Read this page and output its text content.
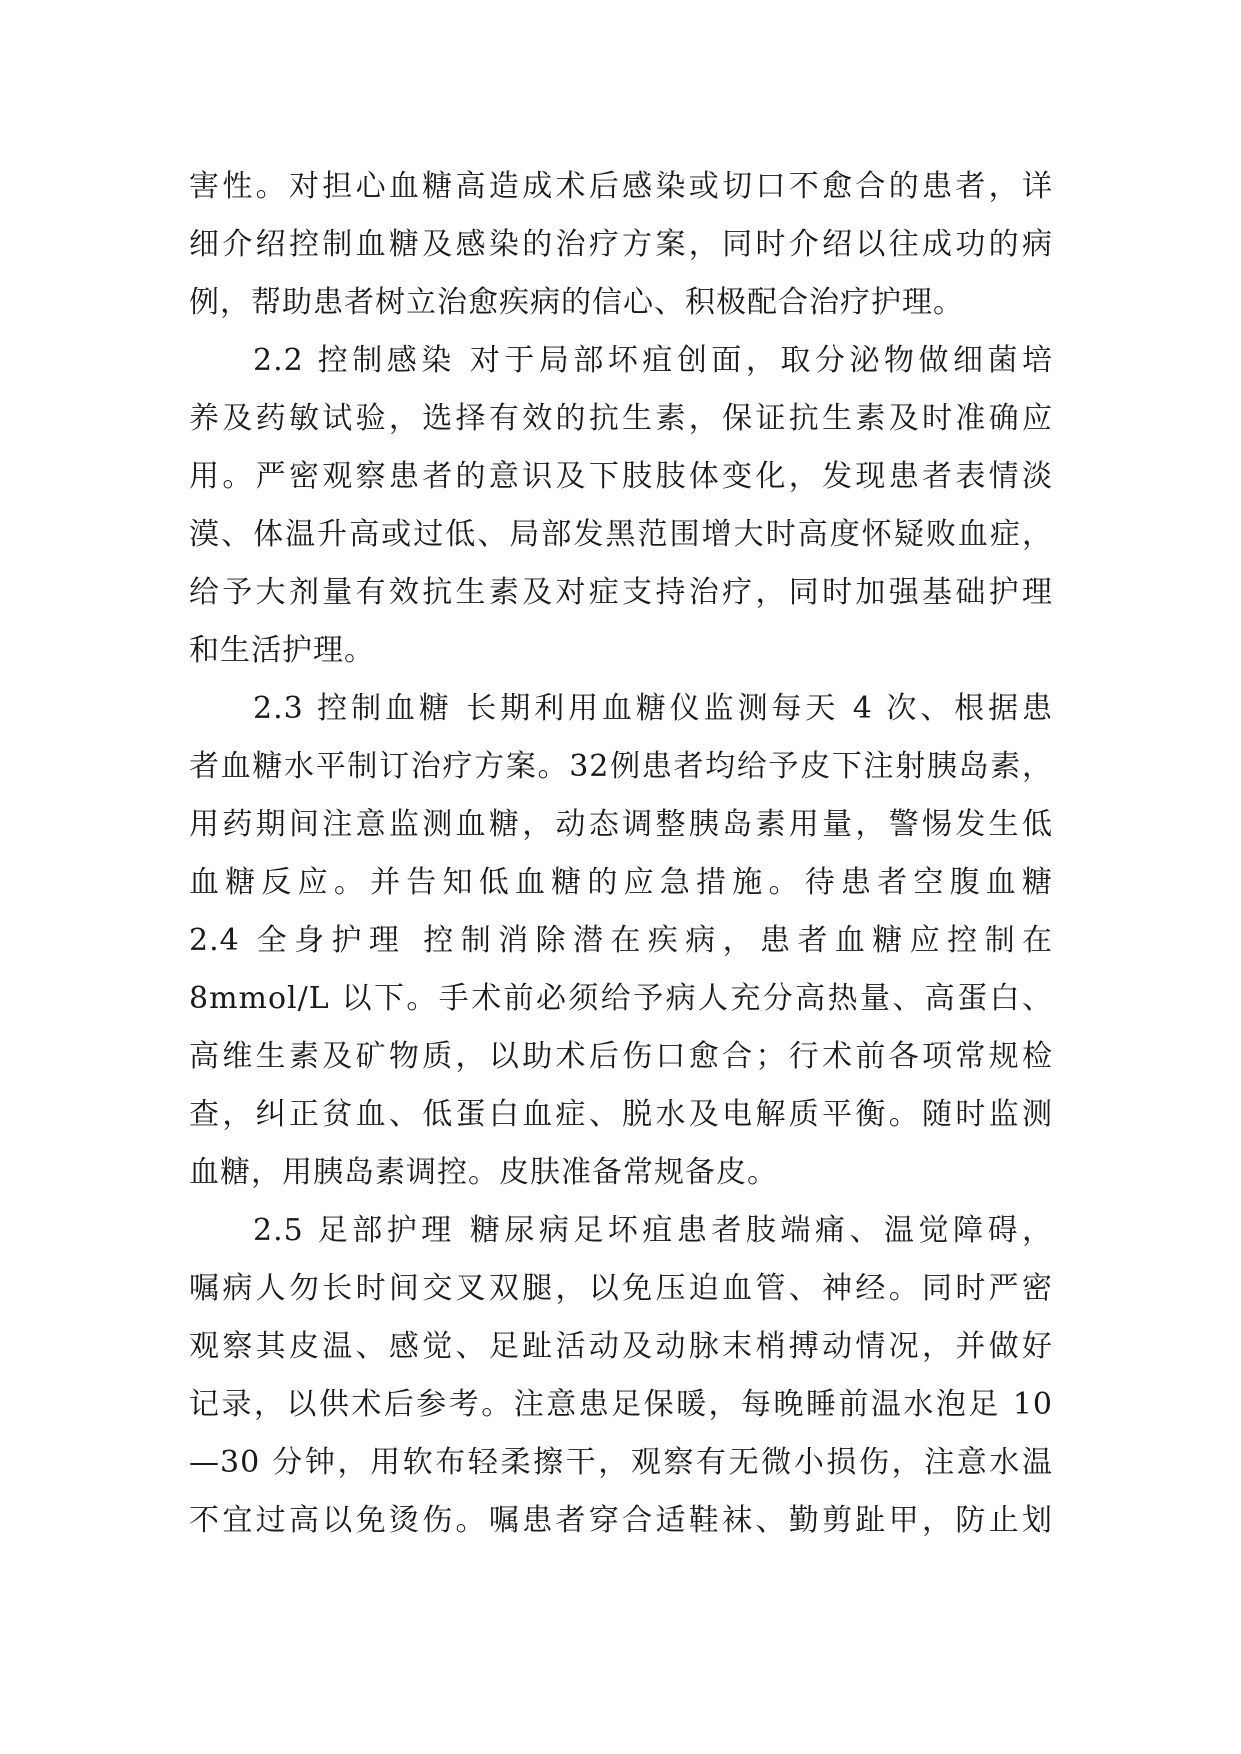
害性。对担心血糖高造成术后感染或切口不愈合的患者，详
细介绍控制血糖及感染的治疗方案，同时介绍以往成功的病
例，帮助患者树立治愈疾病的信心、积极配合治疗护理。
2.2 控制感染 对于局部坏疽创面，取分泌物做细菌培
养及药敏试验，选择有效的抗生素，保证抗生素及时准确应
用。严密观察患者的意识及下肢肢体变化，发现患者表情淡
漠、体温升高或过低、局部发黑范围增大时高度怀疑败血症，
给予大剂量有效抗生素及对症支持治疗，同时加强基础护理
和生活护理。
2.3 控制血糖 长期利用血糖仪监测每天 4 次、根据患
者血糖水平制订治疗方案。32例患者均给予皮下注射胰岛素，
用药期间注意监测血糖，动态调整胰岛素用量，警惕发生低
血糖反应。并告知低血糖的应急措施。待患者空腹血糖
2.4 全身护理 控制消除潜在疾病，患者血糖应控制在
8mmol/L 以下。手术前必须给予病人充分高热量、高蛋白、
高维生素及矿物质，以助术后伤口愈合；行术前各项常规检
查，纠正贫血、低蛋白血症、脱水及电解质平衡。随时监测
血糖，用胰岛素调控。皮肤准备常规备皮。
2.5 足部护理 糖尿病足坏疽患者肢端痛、温觉障碍，
嘱病人勿长时间交叉双腿，以免压迫血管、神经。同时严密
观察其皮温、感觉、足趾活动及动脉末梢搏动情况，并做好
记录，以供术后参考。注意患足保暖，每晚睡前温水泡足 10
—30 分钟，用软布轻柔擦干，观察有无微小损伤，注意水温
不宜过高以免烫伤。嘱患者穿合适鞋袜、勤剪趾甲，防止划
